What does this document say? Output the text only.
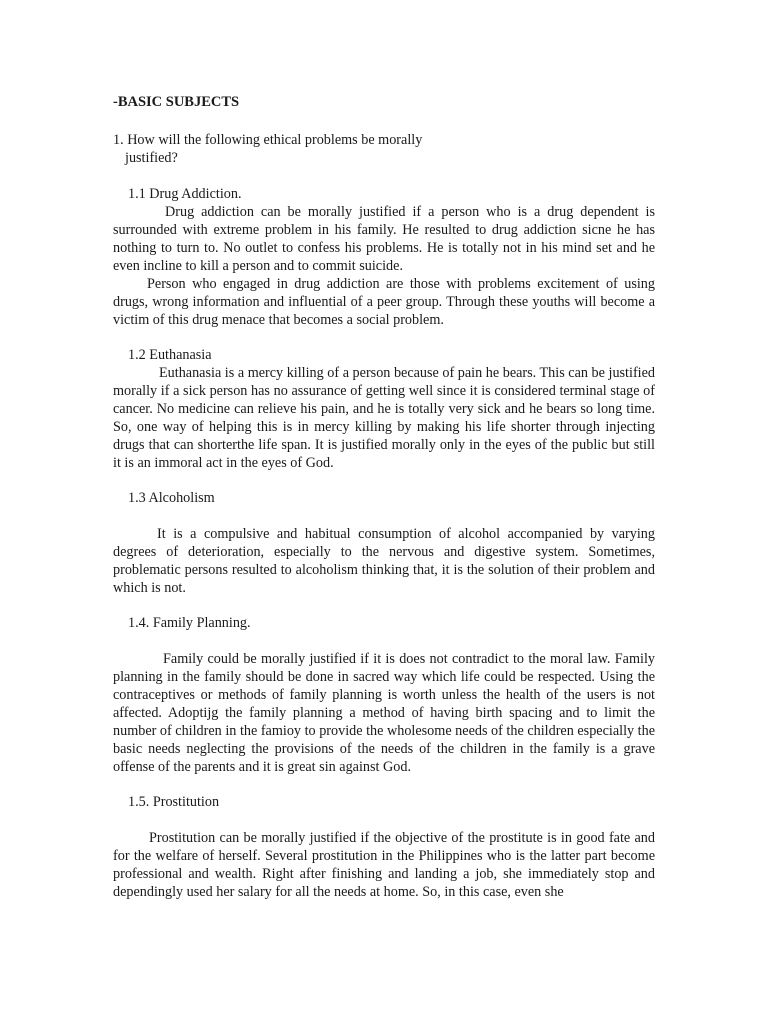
-BASIC SUBJECTS
1. How will the following ethical problems be morally
justified?
1.1 Drug Addiction.

Drug addiction can be morally justified if a person who is a drug dependent is surrounded with extreme problem in his family. He resulted to drug addiction sicne he has nothing to turn to. No outlet to confess his problems. He is totally not in his mind set and he even incline to kill a person and to commit suicide.

Person who engaged in drug addiction are those with problems excitement of using drugs, wrong information and influential of a peer group. Through these youths will become a victim of this drug menace that becomes a social problem.

1.2 Euthanasia

Euthanasia is a mercy killing of a person because of pain he bears. This can be justified morally if a sick person has no assurance of getting well since it is considered terminal stage of cancer. No medicine can relieve his pain, and he is totally very sick and he bears so long time. So, one way of helping this is in mercy killing by making his life shorter through injecting drugs that can shorterthe life span. It is justified morally only in the eyes of the public but still it is an immoral act in the eyes of God.

1.3 Alcoholism

It is a compulsive and habitual consumption of alcohol accompanied by varying degrees of deterioration, especially to the nervous and digestive system. Sometimes, problematic persons resulted to alcoholism thinking that, it is the solution of their problem and which is not.

1.4. Family Planning.

Family could be morally justified if it is does not contradict to the moral law. Family planning in the family should be done in sacred way which life could be respected. Using the contraceptives or methods of family planning is worth unless the health of the users is not affected. Adoptijg the family planning a method of having birth spacing and to limit the number of children in the famioy to provide the wholesome needs of the children especially the basic needs neglecting the provisions of the needs of the children in the family is a grave offense of the parents and it is great sin against God.

1.5. Prostitution

Prostitution can be morally justified if the objective of the prostitute is in good fate and for the welfare of herself. Several prostitution in the Philippines who is the latter part become professional and wealth. Right after finishing and landing a job, she immediately stop and dependingly used her salary for all the needs at home. So, in this case, even she
